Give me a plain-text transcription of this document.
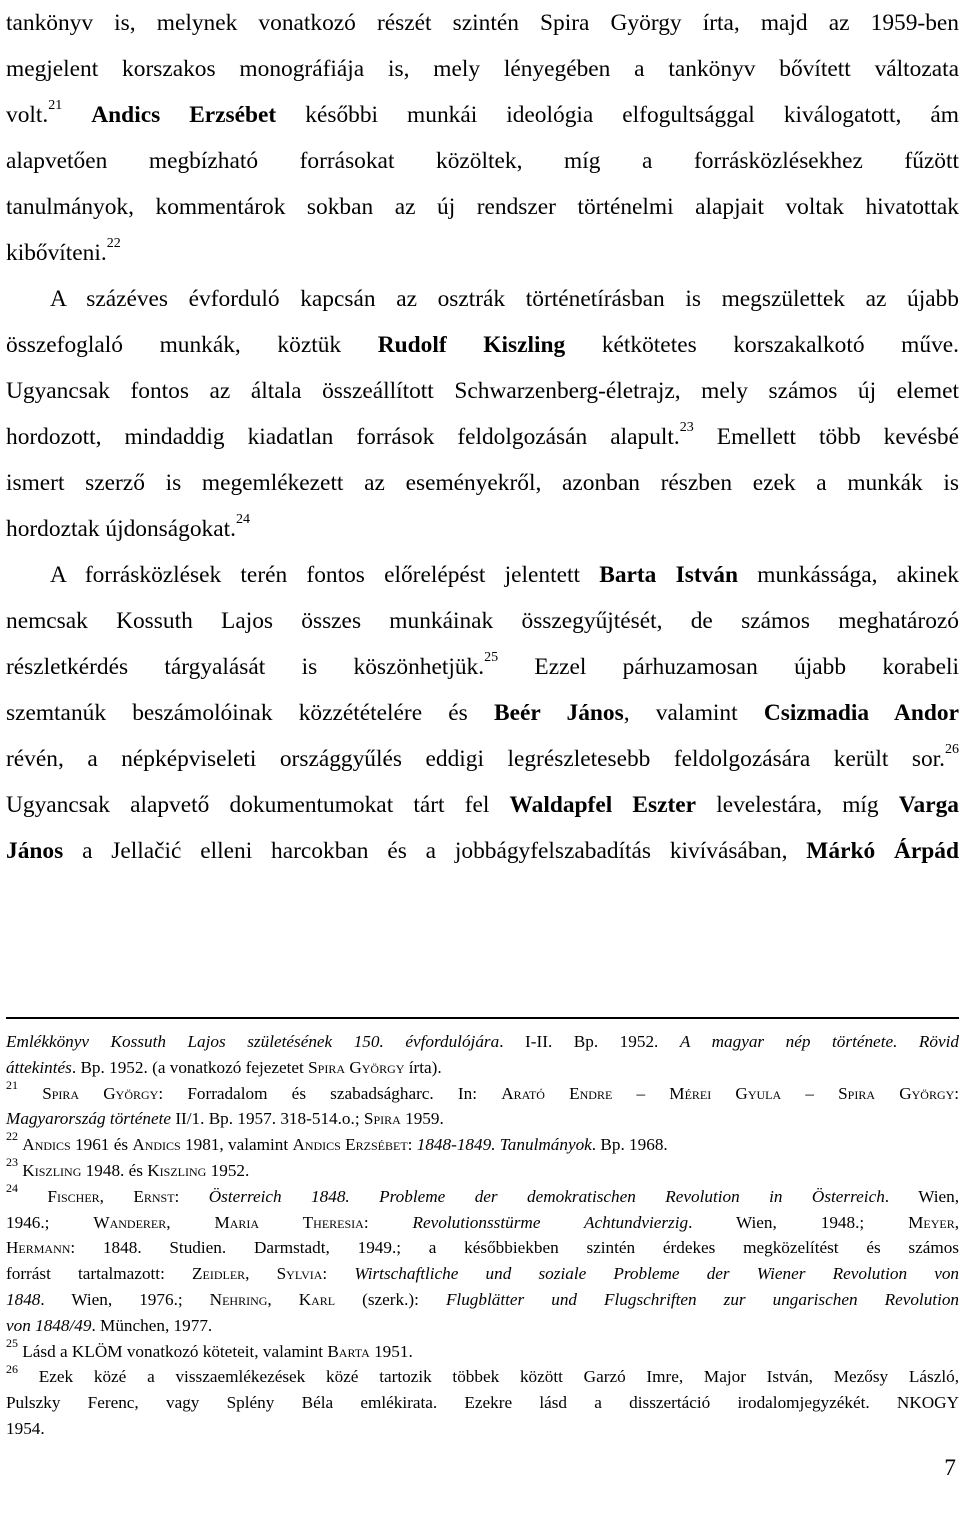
tankönyv is, melynek vonatkozó részét szintén Spira György írta, majd az 1959-ben
megjelent korszakos monográfiája is, mely lényegében a tankönyv bővített változata
volt.$^{21}$ Andics Erzsébet későbbi munkái ideológia elfogultsággal kiválogatott, ám
alapvetően megbízható forrásokat közöltek, míg a forrásközlésekhez fűzött
tanulmányok, kommentárok sokban az új rendszer történelmi alapjait voltak hivatottak
kibővíteni.$^{22}$
A százéves évforduló kapcsán az osztrák történetírásban is megszülettek az újabb
összefoglaló munkák, köztük Rudolf Kiszling kétkötetes korszakalkotó műve.
Ugyancsak fontos az általa összeállított Schwarzenberg-életrajz, mely számos új elemet
hordozott, mindaddig kiadatlan források feldolgozásán alapult.$^{23}$ Emellett több kevésbé
ismert szerző is megemlékezett az eseményekről, azonban részben ezek a munkák is
hordoztak újdonságokat.$^{24}$
A forrásközlések terén fontos előrelépést jelentett Barta István munkássága, akinek
nemcsak Kossuth Lajos összes munkáinak összegyűjtését, de számos meghatározó
részletkérdés tárgyalását is köszönhetjük.$^{25}$ Ezzel párhuzamosan újabb korabeli
szemtanúk beszámolóinak közzétételére és Beér János, valamint Csizmadia Andor
révén, a népképviseleti országgyűlés eddigi legrészletesebb feldolgozására került sor.$^{26}$
Ugyancsak alapvető dokumentumokat tárt fel Waldapfel Eszter levelestára, míg Varga
János a Jellačić elleni harcokban és a jobbágyfelszabadítás kivívásában, Márkó Árpád
Emlékkönyv Kossuth Lajos születésének 150. évfordulójára. I-II. Bp. 1952. A magyar nép története. Rövid
áttekintés. Bp. 1952. (a vonatkozó fejezetet Spira György írta).
$^{21}$ Spira György: Forradalom és szabadságharc. In: Arató Endre – Mérei Gyula – Spira György:
Magyarország története II/1. Bp. 1957. 318-514.o.; Spira 1959.
$^{22}$ Andics 1961 és Andics 1981, valamint Andics Erzsébet: 1848-1849. Tanulmányok. Bp. 1968.
$^{23}$ Kiszling 1948. és Kiszling 1952.
$^{24}$ Fischer, Ernst: Österreich 1848. Probleme der demokratischen Revolution in Österreich. Wien,
1946.;	Wanderer, Maria Theresia:	Revolutionsstürme Achtundvierzig. Wien, 1948.;	Meyer,
Hermann: 1848. Studien. Darmstadt, 1949.; a későbbiekben szintén érdekes megközelítést és számos
forrást tartalmazott: Zeidler, Sylvia: Wirtschaftliche und soziale Probleme der Wiener Revolution von
1848. Wien, 1976.; Nehring, Karl (szerk.): Flugblätter und Flugschriften zur ungarischen Revolution
von 1848/49. München, 1977.
$^{25}$ Lásd a KLÖM vonatkozó köteteit, valamint Barta 1951.
$^{26}$ Ezek közé a visszaemlékezések közé tartozik többek között Garzó Imre, Major István, Mezősy László,
Pulszky Ferenc, vagy Splény Béla emlékirata. Ezekre lásd a disszertáció irodalomjegyzékét. NKOGY
1954.
7
